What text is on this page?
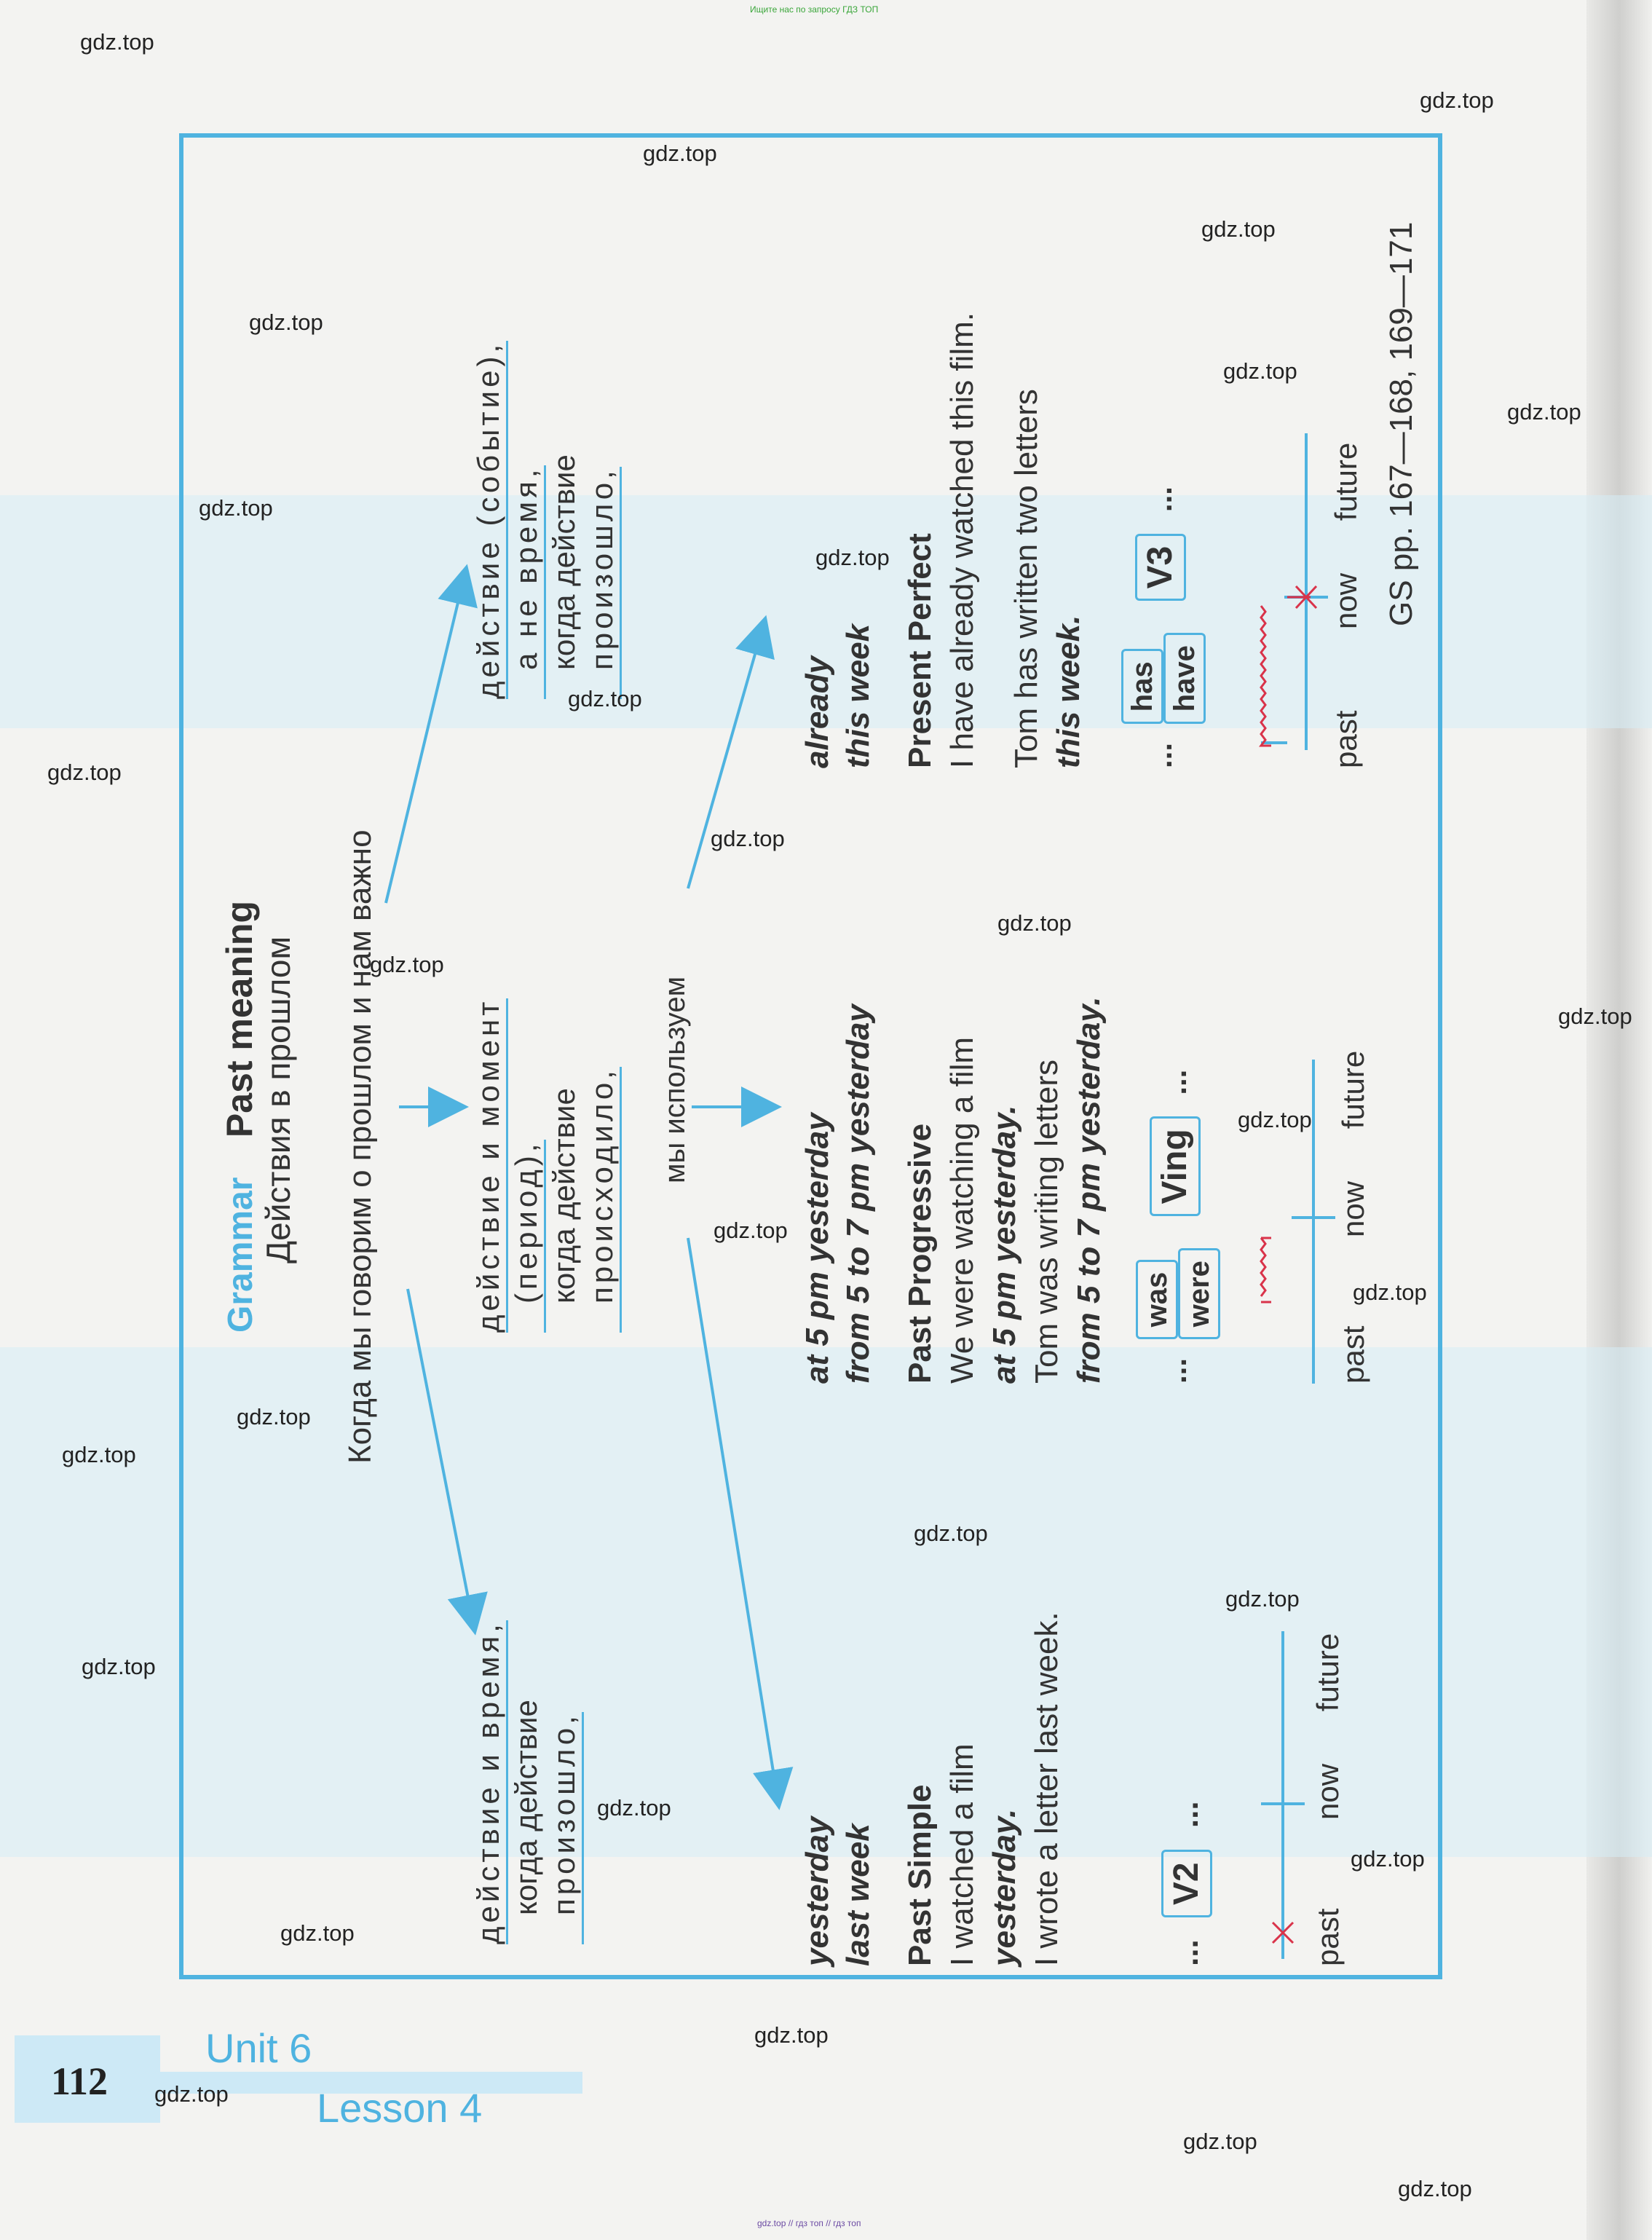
Ищите нас по запросу ГДЗ ТОП
gdz.top // гдз топ // гдз топ
Grammar Past meaning Действия в прошлом Когда мы говорим о прошлом и нам важно
действие и время, когда действие произошло,
действие и момент (период), когда действие происходило,
действие (событие), а не время, когда действие произошло,
мы используем
yesterday last week
at 5 pm yesterday from 5 to 7 pm yesterday
already this week
Past Simple I watched a film yesterday. I wrote a letter last week.	... V2 ...
past now future
Past Progressive We were watching a film at 5 pm yesterday. Tom was writing letters from 5 to 7 pm yesterday.	... was were Ving ...
past now future
Present Perfect I have already watched this film. Tom has written two letters this week.	... has have V3 ...
past now future GS pp. 167—168, 169—171
112
Unit 6
Lesson 4
gdz.top
gdz.top
gdz.top
gdz.top
gdz.top
gdz.top
gdz.top
gdz.top
gdz.top
gdz.top
gdz.top
gdz.top
gdz.top
gdz.top
gdz.top
gdz.top
gdz.top
gdz.top
gdz.top
gdz.top
gdz.top
gdz.top
gdz.top
gdz.top
gdz.top
gdz.top
gdz.top
gdz.top
gdz.top
gdz.top
